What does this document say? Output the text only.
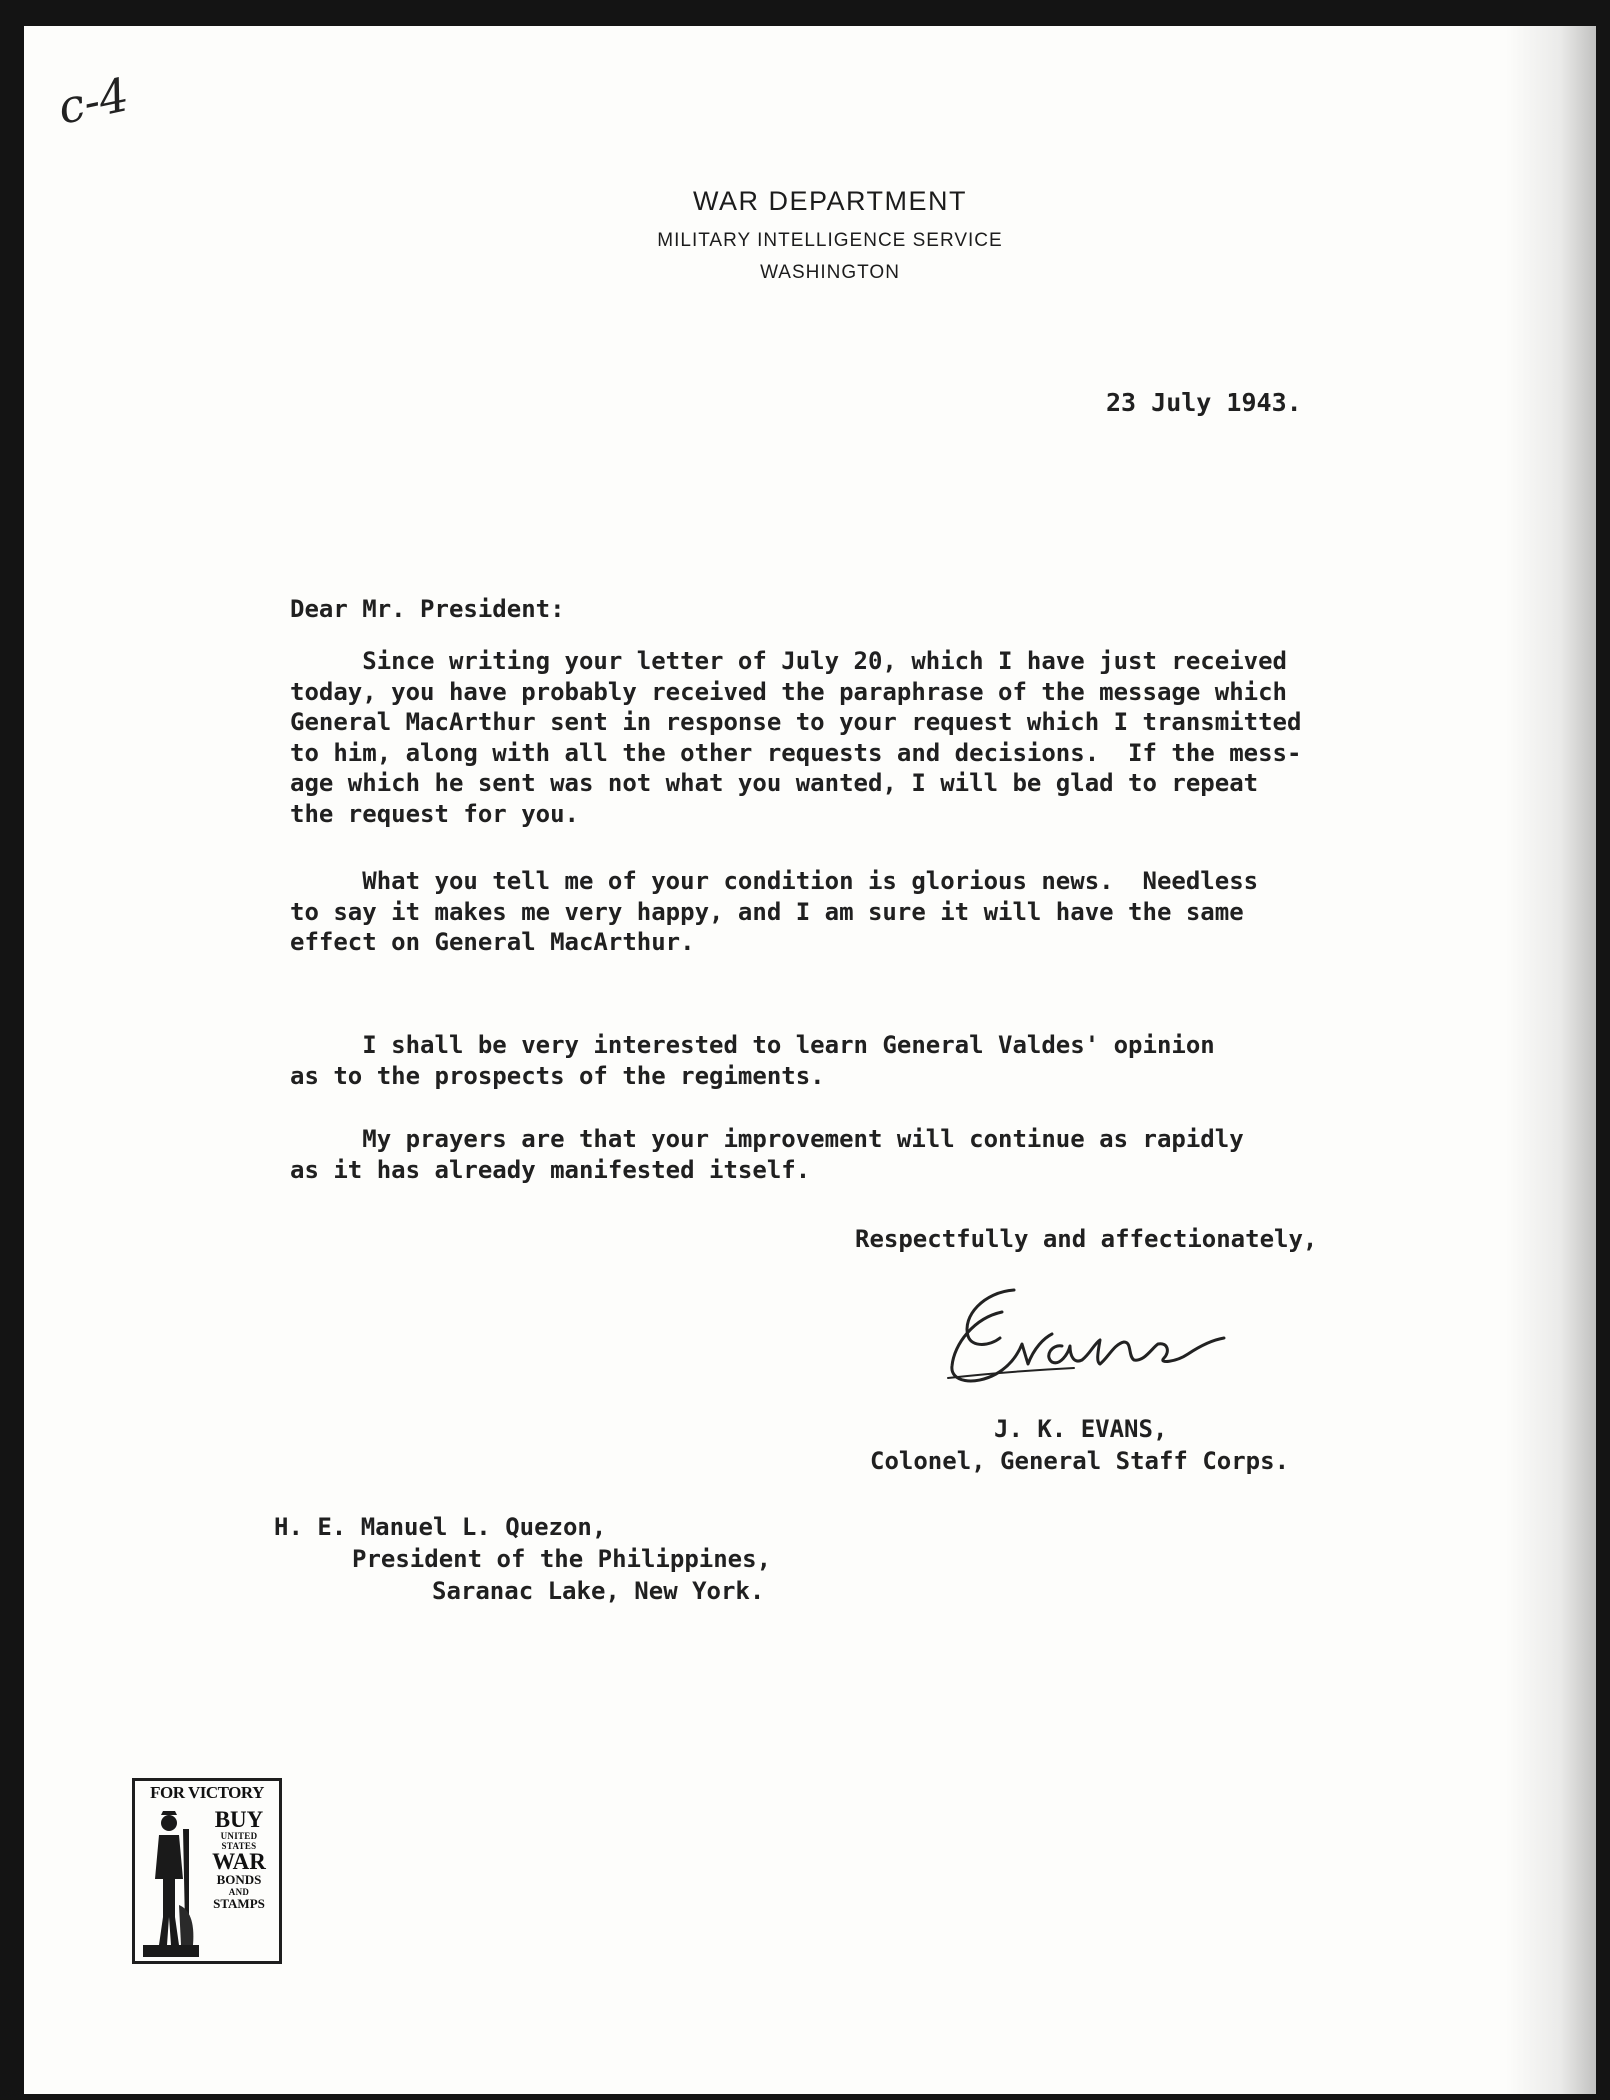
c-4
WAR DEPARTMENT
MILITARY INTELLIGENCE SERVICE
WASHINGTON
23 July 1943.
Dear Mr. President:
Since writing your letter of July 20, which I have just received
today, you have probably received the paraphrase of the message which
General MacArthur sent in response to your request which I transmitted
to him, along with all the other requests and decisions.  If the mess-
age which he sent was not what you wanted, I will be glad to repeat
the request for you.
What you tell me of your condition is glorious news.  Needless
to say it makes me very happy, and I am sure it will have the same
effect on General MacArthur.
I shall be very interested to learn General Valdes' opinion
as to the prospects of the regiments.
My prayers are that your improvement will continue as rapidly
as it has already manifested itself.
Respectfully and affectionately,
J. K. EVANS,
Colonel, General Staff Corps.
H. E. Manuel L. Quezon,
President of the Philippines,
Saranac Lake, New York.
FOR VICTORY
BUY
UNITED
STATES
WAR
BONDS
AND
STAMPS
